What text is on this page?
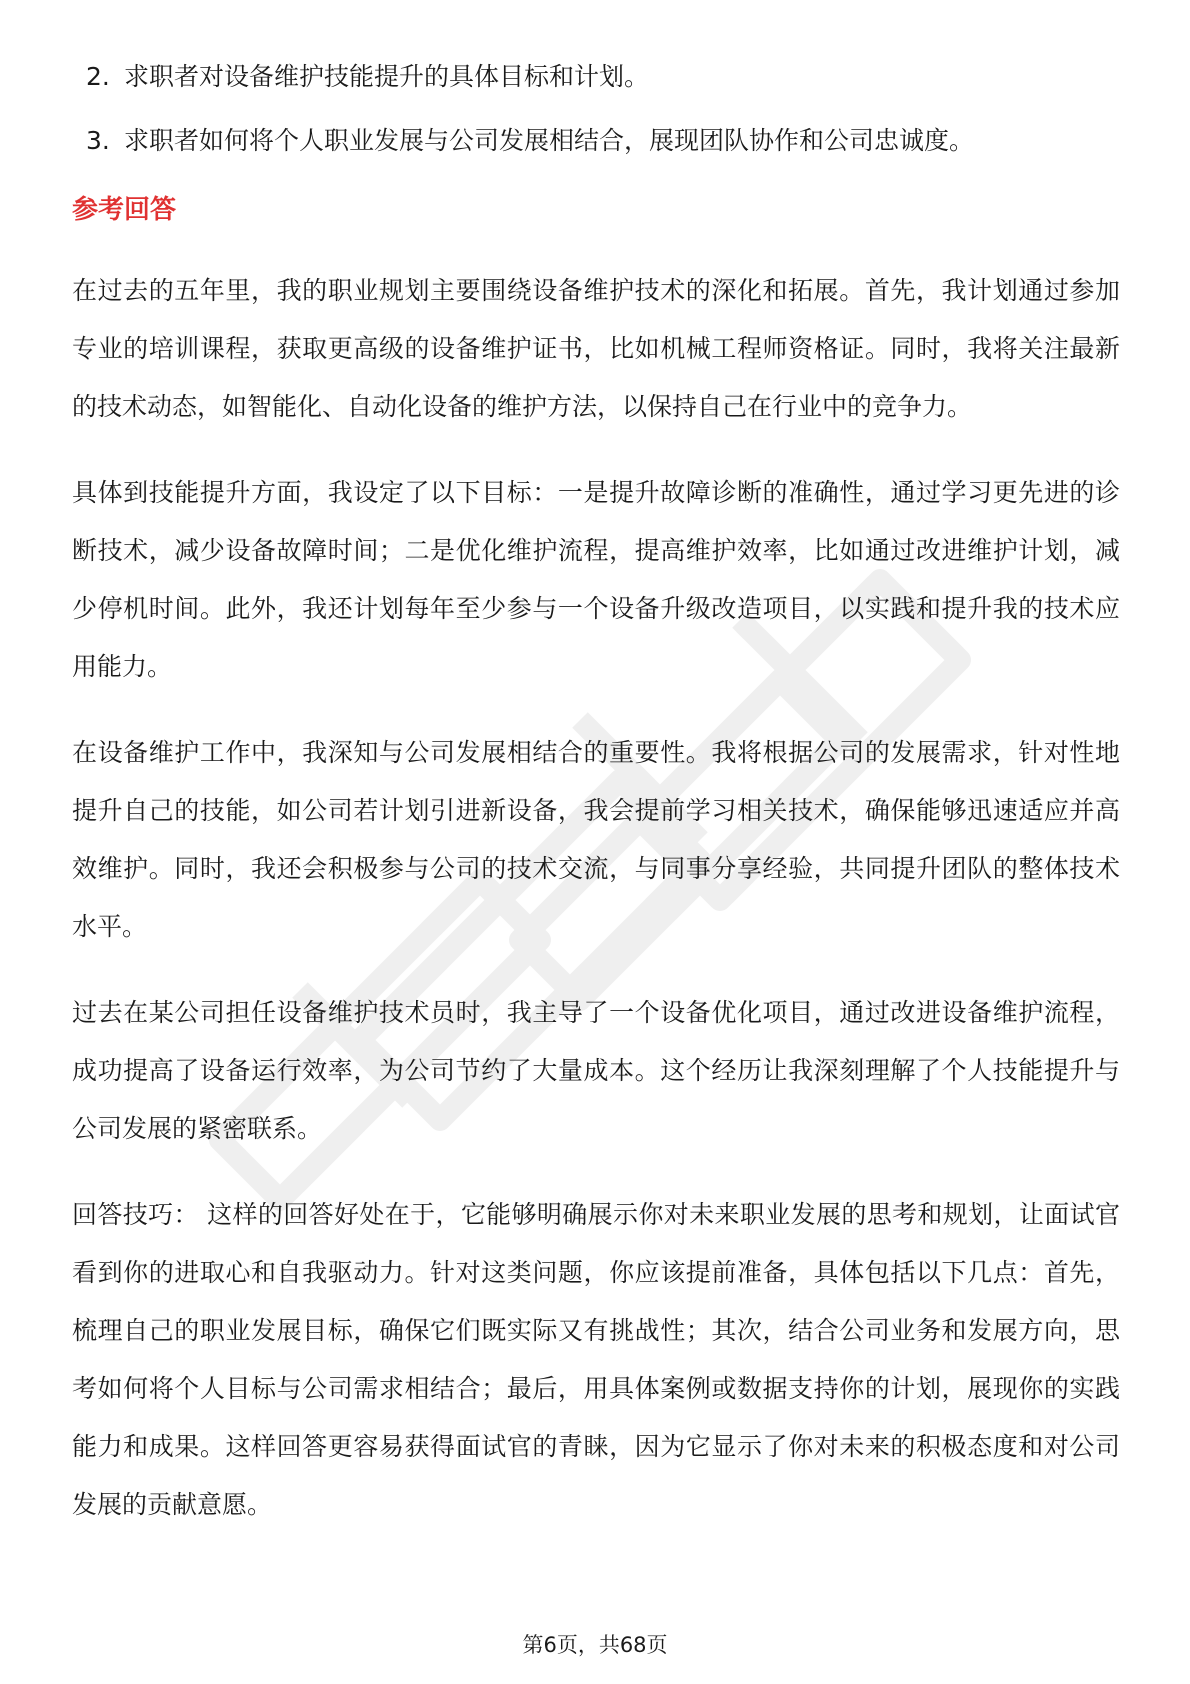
2. 求职者对设备维护技能提升的具体目标和计划。
3. 求职者如何将个人职业发展与公司发展相结合，展现团队协作和公司忠诚度。
参考回答

在过去的五年里，我的职业规划主要围绕设备维护技术的深化和拓展。首先，我计划通过参加专业的培训课程，获取更高级的设备维护证书，比如机械工程师资格证。同时，我将关注最新的技术动态，如智能化、自动化设备的维护方法，以保持自己在行业中的竞争力。

具体到技能提升方面，我设定了以下目标：一是提升故障诊断的准确性，通过学习更先进的诊断技术，减少设备故障时间；二是优化维护流程，提高维护效率，比如通过改进维护计划，减少停机时间。此外，我还计划每年至少参与一个设备升级改造项目，以实践和提升我的技术应用能力。

在设备维护工作中，我深知与公司发展相结合的重要性。我将根据公司的发展需求，针对性地提升自己的技能，如公司若计划引进新设备，我会提前学习相关技术，确保能够迅速适应并高效维护。同时，我还会积极参与公司的技术交流，与同事分享经验，共同提升团队的整体技术水平。

过去在某公司担任设备维护技术员时，我主导了一个设备优化项目，通过改进设备维护流程，成功提高了设备运行效率，为公司节约了大量成本。这个经历让我深刻理解了个人技能提升与公司发展的紧密联系。

回答技巧： 这样的回答好处在于，它能够明确展示你对未来职业发展的思考和规划，让面试官看到你的进取心和自我驱动力。针对这类问题，你应该提前准备，具体包括以下几点：首先，梳理自己的职业发展目标，确保它们既实际又有挑战性；其次，结合公司业务和发展方向，思考如何将个人目标与公司需求相结合；最后，用具体案例或数据支持你的计划，展现你的实践能力和成果。这样回答更容易获得面试官的青睐，因为它显示了你对未来的积极态度和对公司发展的贡献意愿。

第6页，共68页
